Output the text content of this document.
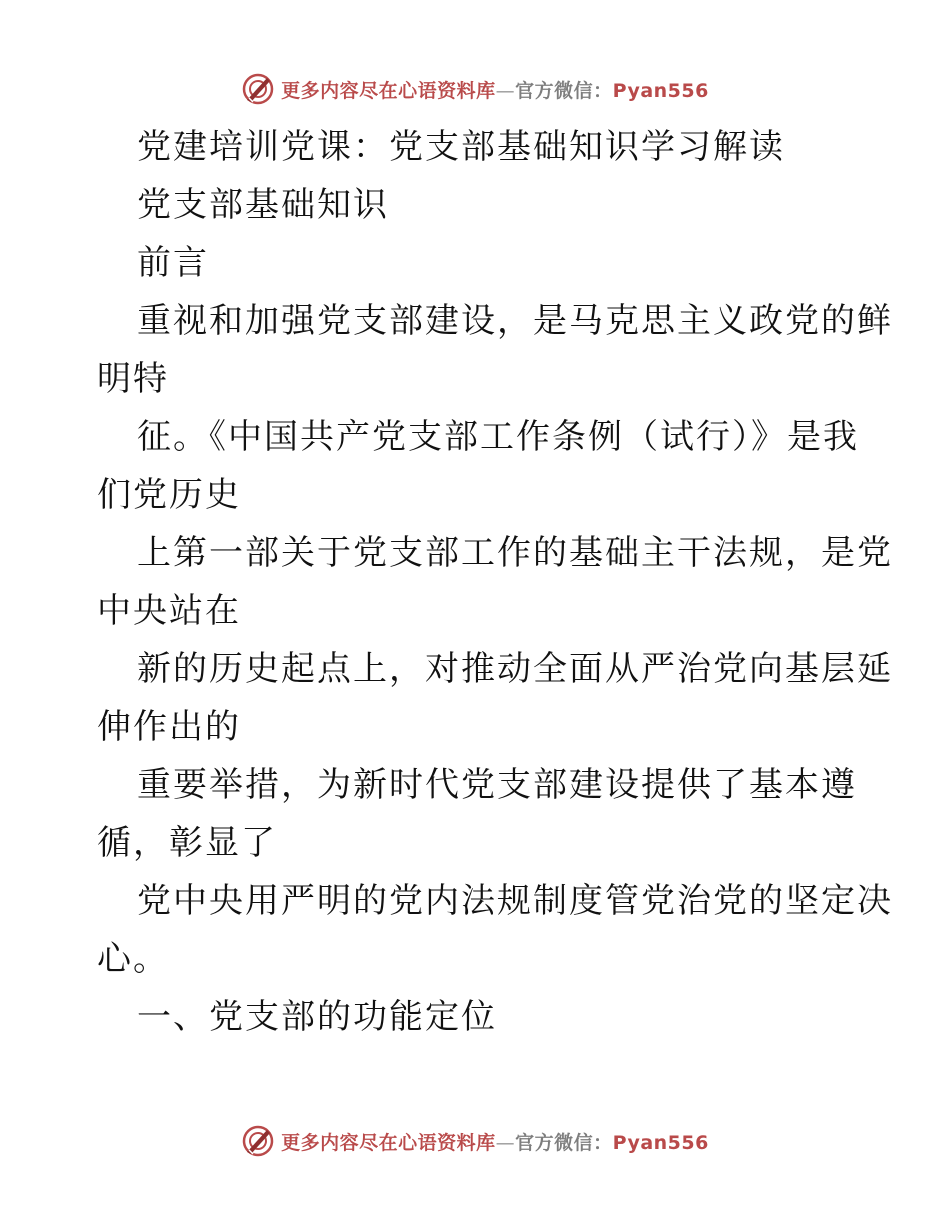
更多内容尽在心语资料库—官方微信：Pyan556
党建培训党课：党支部基础知识学习解读
党支部基础知识
前言
重视和加强党支部建设，是马克思主义政党的鲜
明特
征。《中国共产党支部工作条例（试行）》是我
们党历史
上第一部关于党支部工作的基础主干法规，是党
中央站在
新的历史起点上，对推动全面从严治党向基层延
伸作出的
重要举措，为新时代党支部建设提供了基本遵
循，彰显了
党中央用严明的党内法规制度管党治党的坚定决
心。
一、党支部的功能定位
更多内容尽在心语资料库—官方微信：Pyan556
